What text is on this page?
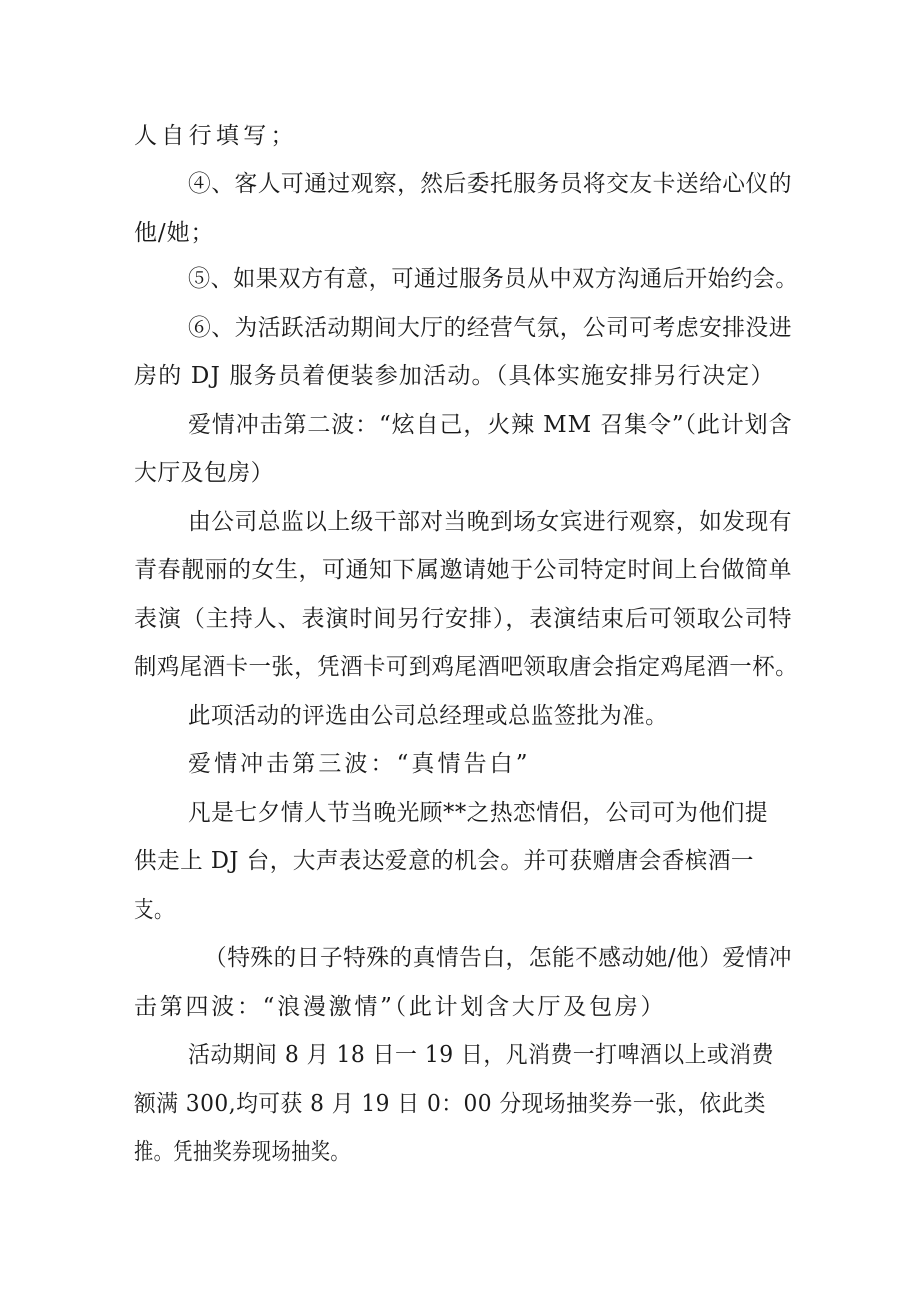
人自行填写；
④、客人可通过观察，然后委托服务员将交友卡送给心仪的
他/她；
⑤、如果双方有意，可通过服务员从中双方沟通后开始约会。
⑥、为活跃活动期间大厅的经营气氛，公司可考虑安排没进
房的 DJ 服务员着便装参加活动。（具体实施安排另行决定）
爱情冲击第二波：“炫自己，火辣 MM 召集令”（此计划含
大厅及包房）
由公司总监以上级干部对当晚到场女宾进行观察，如发现有
青春靓丽的女生，可通知下属邀请她于公司特定时间上台做简单
表演（主持人、表演时间另行安排），表演结束后可领取公司特
制鸡尾酒卡一张，凭酒卡可到鸡尾酒吧领取唐会指定鸡尾酒一杯。
此项活动的评选由公司总经理或总监签批为准。
爱情冲击第三波：“真情告白”
凡是七夕情人节当晚光顾**之热恋情侣，公司可为他们提
供走上 DJ 台，大声表达爱意的机会。并可获赠唐会香槟酒一
支。
（特殊的日子特殊的真情告白，怎能不感动她/他）爱情冲
击第四波：“浪漫激情”（此计划含大厅及包房）
活动期间 8 月 18 日一 19 日，凡消费一打啤酒以上或消费
额满 300,均可获 8 月 19 日 0：00 分现场抽奖券一张，依此类
推。凭抽奖券现场抽奖。
